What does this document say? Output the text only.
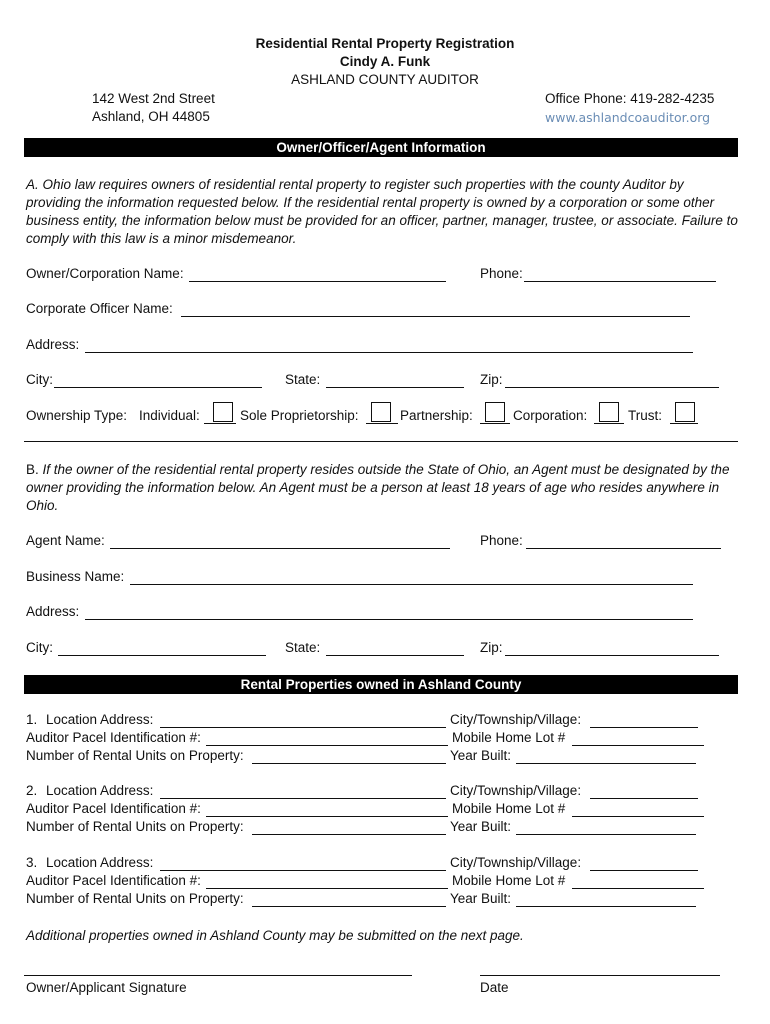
Residential Rental Property Registration
Cindy A. Funk
ASHLAND COUNTY AUDITOR
142 West 2nd Street
Ashland, OH 44805
Office Phone: 419-282-4235
www.ashlandcoauditor.org
Owner/Officer/Agent Information
A. Ohio law requires owners of residential rental property to register such properties with the county Auditor by providing the information requested below. If the residential rental property is owned by a corporation or some other business entity, the information below must be provided for an officer, partner, manager, trustee, or associate. Failure to comply with this law is a minor misdemeanor.
Owner/Corporation Name:	Phone:
Corporate Officer Name:
Address:
City:	State:	Zip:
Ownership Type: Individual:	Sole Proprietorship:	Partnership:	Corporation:	Trust:
B. If the owner of the residential rental property resides outside the State of Ohio, an Agent must be designated by the owner providing the information below. An Agent must be a person at least 18 years of age who resides anywhere in Ohio.
Agent Name:	Phone:
Business Name:
Address:
City:	State:	Zip:
Rental Properties owned in Ashland County
1. Location Address:	City/Township/Village:
Auditor Pacel Identification #:	Mobile Home Lot #
Number of Rental Units on Property:	Year Built:
2. Location Address:	City/Township/Village:
Auditor Pacel Identification #:	Mobile Home Lot #
Number of Rental Units on Property:	Year Built:
3. Location Address:	City/Township/Village:
Auditor Pacel Identification #:	Mobile Home Lot #
Number of Rental Units on Property:	Year Built:
Additional properties owned in Ashland County may be submitted on the next page.
Owner/Applicant Signature	Date
